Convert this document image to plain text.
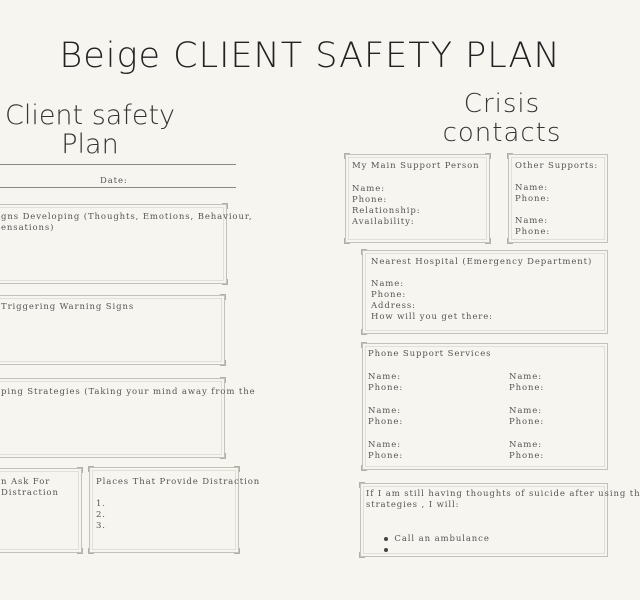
Beige CLIENT SAFETY PLAN
Client safety
Plan
Date:
gns Developing (Thoughts, Emotions, Behaviour,
ensations)
Triggering Warning Signs
ping Strategies (Taking your mind away from the
n Ask For
Distraction
Places That Provide Distraction
1.
2.
3.
Crisis
contacts
My Main Support Person
Name:
Phone:
Relationship:
Availability:
Other Supports:
Name:
Phone:
Name:
Phone:
Nearest Hospital (Emergency Department)
Name:
Phone:
Address:
How will you get there:
Phone Support Services
Name:
Phone:
Name:
Phone:
Name:
Phone:
Name:
Phone:
Name:
Phone:
Name:
Phone:
If I am still having thoughts of suicide after using th
strategies , I will:

Call an ambulance
